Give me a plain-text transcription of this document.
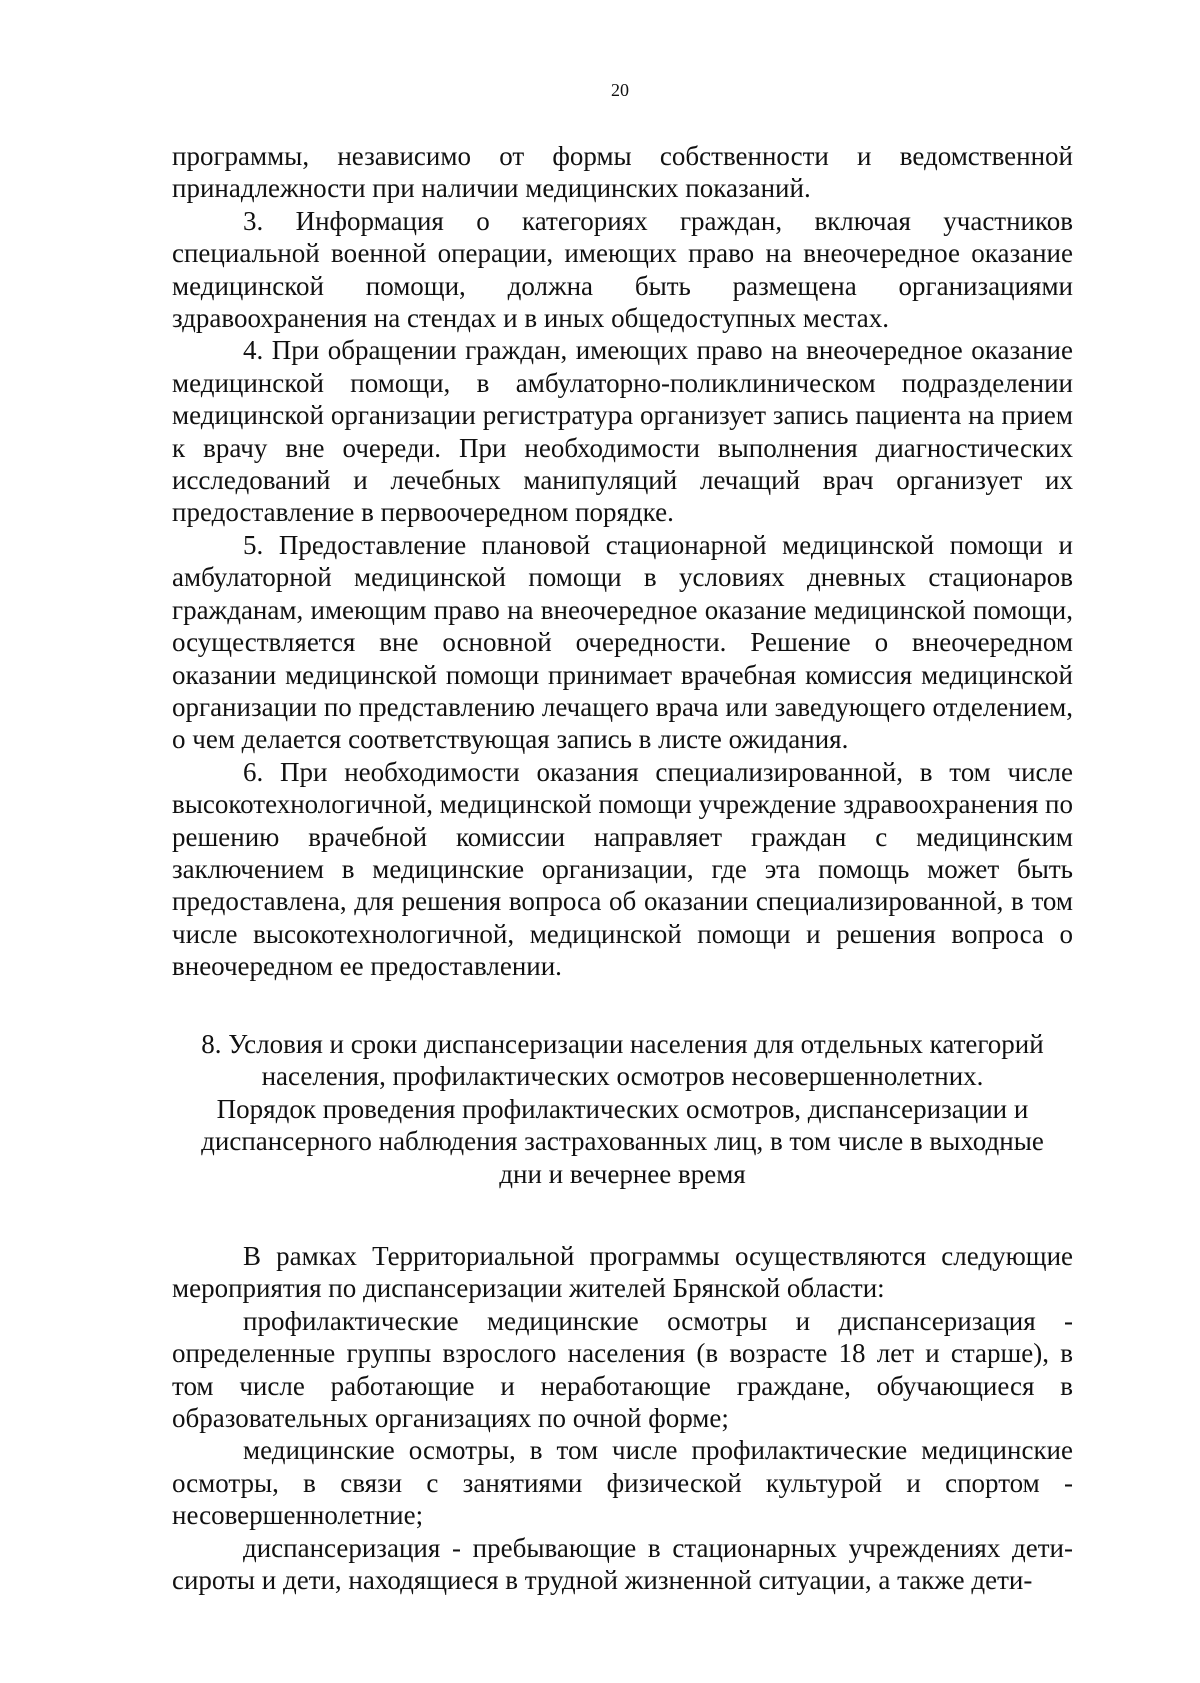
20

программы, независимо от формы собственности и ведомственной принадлежности при наличии медицинских показаний.

3. Информация о категориях граждан, включая участников специальной военной операции, имеющих право на внеочередное оказание медицинской помощи, должна быть размещена организациями здравоохранения на стендах и в иных общедоступных местах.

4. При обращении граждан, имеющих право на внеочередное оказание медицинской помощи, в амбулаторно-поликлиническом подразделении медицинской организации регистратура организует запись пациента на прием к врачу вне очереди. При необходимости выполнения диагностических исследований и лечебных манипуляций лечащий врач организует их предоставление в первоочередном порядке.

5. Предоставление плановой стационарной медицинской помощи и амбулаторной медицинской помощи в условиях дневных стационаров гражданам, имеющим право на внеочередное оказание медицинской помощи, осуществляется вне основной очередности. Решение о внеочередном оказании медицинской помощи принимает врачебная комиссия медицинской организации по представлению лечащего врача или заведующего отделением, о чем делается соответствующая запись в листе ожидания.

6. При необходимости оказания специализированной, в том числе высокотехнологичной, медицинской помощи учреждение здравоохранения по решению врачебной комиссии направляет граждан с медицинским заключением в медицинские организации, где эта помощь может быть предоставлена, для решения вопроса об оказании специализированной, в том числе высокотехнологичной, медицинской помощи и решения вопроса о внеочередном ее предоставлении.

8. Условия и сроки диспансеризации населения для отдельных категорий
населения, профилактических осмотров несовершеннолетних.
Порядок проведения профилактических осмотров, диспансеризации и
диспансерного наблюдения застрахованных лиц, в том числе в выходные
дни и вечернее время

В рамках Территориальной программы осуществляются следующие мероприятия по диспансеризации жителей Брянской области:

профилактические медицинские осмотры и диспансеризация - определенные группы взрослого населения (в возрасте 18 лет и старше), в том числе работающие и неработающие граждане, обучающиеся в образовательных организациях по очной форме;

медицинские осмотры, в том числе профилактические медицинские осмотры, в связи с занятиями физической культурой и спортом - несовершеннолетние;

диспансеризация - пребывающие в стационарных учреждениях дети-сироты и дети, находящиеся в трудной жизненной ситуации, а также дети-
